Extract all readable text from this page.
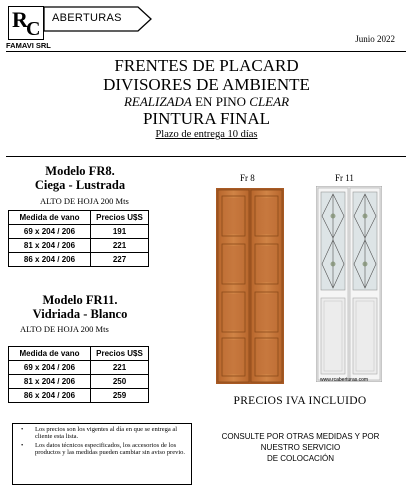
R
C ABERTURAS
FAMAVI SRL
Junio 2022
FRENTES DE PLACARD
DIVISORES DE AMBIENTE
REALIZADA EN PINO CLEAR
PINTURA FINAL
Plazo de entrega 10 días
Modelo FR8.
Ciega - Lustrada
ALTO DE HOJA 200 Mts
Medida de vano	Precios U$S
69 x 204 / 206	191
81 x 204 / 206	221
86 x 204 / 206	227
Modelo FR11.
Vidriada - Blanco
ALTO DE HOJA 200 Mts
Medida de vano	Precios U$S
69 x 204 / 206	221
81 x 204 / 206	250
86 x 204 / 206	259
Fr 8	Fr 11
www.rcaberturas.com
PRECIOS IVA INCLUIDO
• Los precios son los vigentes al día en que se entrega al cliente esta lista.
• Los datos técnicos especificados, los accesorios de los productos y las medidas pueden cambiar sin aviso previo.
CONSULTE POR OTRAS MEDIDAS Y POR
NUESTRO SERVICIO
DE COLOCACIÓN
